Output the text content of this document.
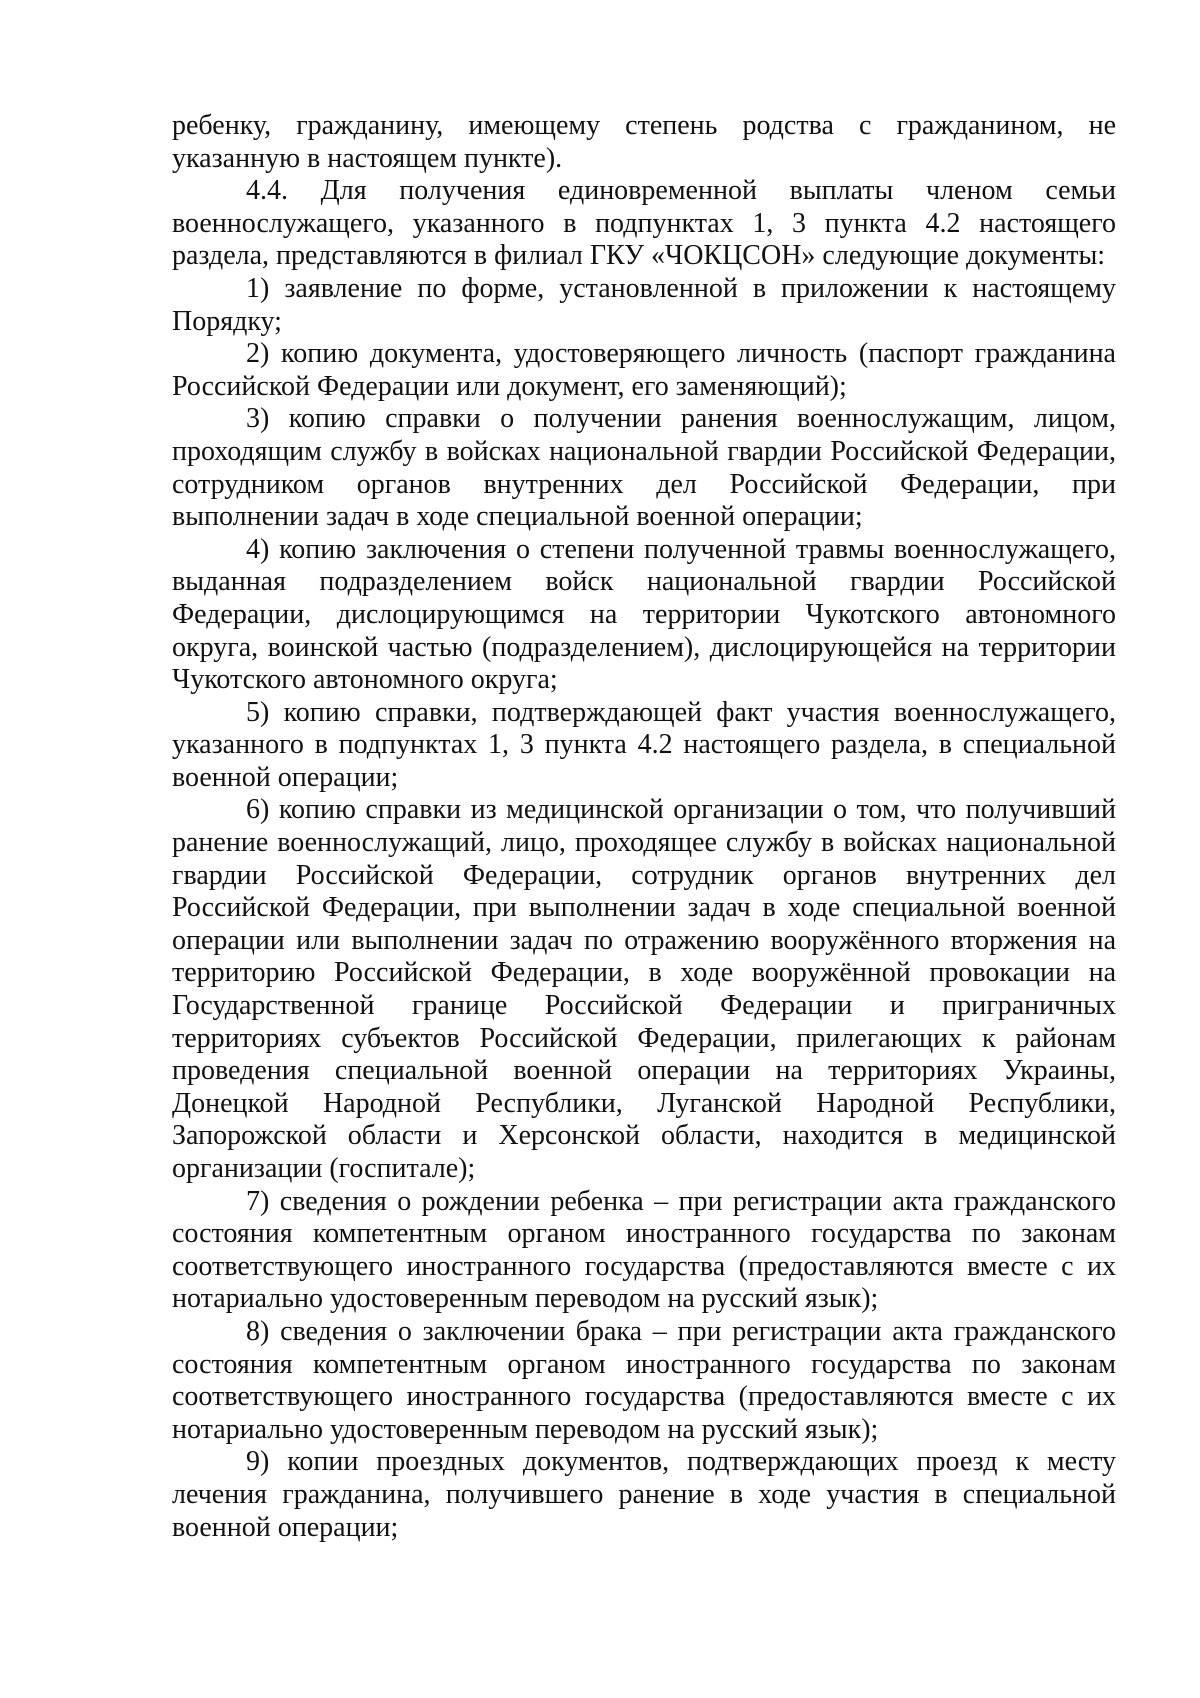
ребенку, гражданину, имеющему степень родства с гражданином, не указанную в настоящем пункте).

4.4. Для получения единовременной выплаты членом семьи военнослужащего, указанного в подпунктах 1, 3 пункта 4.2 настоящего раздела, представляются в филиал ГКУ «ЧОКЦСОН» следующие документы:

1) заявление по форме, установленной в приложении к настоящему Порядку;

2) копию документа, удостоверяющего личность (паспорт гражданина Российской Федерации или документ, его заменяющий);

3) копию справки о получении ранения военнослужащим, лицом, проходящим службу в войсках национальной гвардии Российской Федерации, сотрудником органов внутренних дел Российской Федерации, при выполнении задач в ходе специальной военной операции;

4) копию заключения о степени полученной травмы военнослужащего, выданная подразделением войск национальной гвардии Российской Федерации, дислоцирующимся на территории Чукотского автономного округа, воинской частью (подразделением), дислоцирующейся на территории Чукотского автономного округа;

5) копию справки, подтверждающей факт участия военнослужащего, указанного в подпунктах 1, 3 пункта 4.2 настоящего раздела, в специальной военной операции;

6) копию справки из медицинской организации о том, что получивший ранение военнослужащий, лицо, проходящее службу в войсках национальной гвардии Российской Федерации, сотрудник органов внутренних дел Российской Федерации, при выполнении задач в ходе специальной военной операции или выполнении задач по отражению вооружённого вторжения на территорию Российской Федерации, в ходе вооружённой провокации на Государственной границе Российской Федерации и приграничных территориях субъектов Российской Федерации, прилегающих к районам проведения специальной военной операции на территориях Украины, Донецкой Народной Республики, Луганской Народной Республики, Запорожской области и Херсонской области, находится в медицинской организации (госпитале);

7) сведения о рождении ребенка – при регистрации акта гражданского состояния компетентным органом иностранного государства по законам соответствующего иностранного государства (предоставляются вместе с их нотариально удостоверенным переводом на русский язык);

8) сведения о заключении брака – при регистрации акта гражданского состояния компетентным органом иностранного государства по законам соответствующего иностранного государства (предоставляются вместе с их нотариально удостоверенным переводом на русский язык);

9) копии проездных документов, подтверждающих проезд к месту лечения гражданина, получившего ранение в ходе участия в специальной военной операции;
